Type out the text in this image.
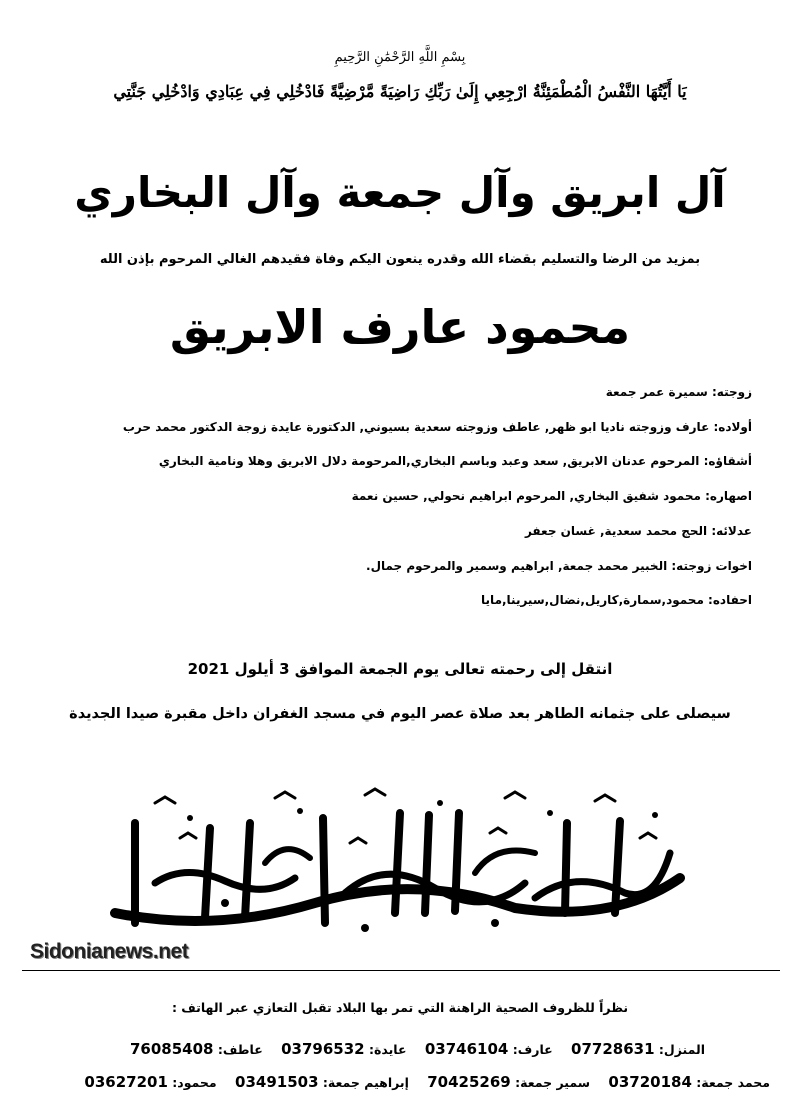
بِسْمِ اللَّهِ الرَّحْمَٰنِ الرَّحِيمِ
يَا أَيَّتُهَا النَّفْسُ الْمُطْمَئِنَّةُ ارْجِعِي إِلَىٰ رَبِّكِ رَاضِيَةً مَّرْضِيَّةً فَادْخُلِي فِي عِبَادِي وَادْخُلِي جَنَّتِي
آل ابريق وآل جمعة وآل البخاري
بمزيد من الرضا والتسليم بقضاء الله وقدره ينعون اليكم وفاة فقيدهم الغالي المرحوم بإذن الله
محمود عارف الابريق
زوجته: سميرة عمر جمعة
أولاده: عارف وزوجته ناديا ابو ظهر, عاطف وزوجته سعدية بسيوني, الدكتورة عايدة زوجة الدكتور محمد حرب
أشقاؤه: المرحوم عدنان الابريق, سعد وعبد وباسم البخاري,المرحومة دلال الابريق وهلا ونامية البخاري
اصهاره: محمود شفيق البخاري, المرحوم ابراهيم نحولي, حسين نعمة
عدلائه: الحج محمد سعدية, غسان جعفر
اخوات زوجته: الخبير محمد جمعة, ابراهيم وسمير والمرحوم جمال.
احفاده: محمود,سمارة,كاريل,نضال,سيرينا,مايا
انتقل إلى رحمته تعالى يوم الجمعة الموافق 3 أيلول 2021
سيصلى على جثمانه الطاهر بعد صلاة عصر اليوم في مسجد الغفران داخل مقبرة صيدا الجديدة
Sidonianews.net
نظراً للظروف الصحية الراهنة التي تمر بها البلاد تقبل التعازي عبر الهاتف :
المنزل: 07728631 عارف: 03746104 عايدة: 03796532 عاطف: 76085408
محمد جمعة: 03720184 سمير جمعة: 70425269 إبراهيم جمعة: 03491503 محمود: 03627201
